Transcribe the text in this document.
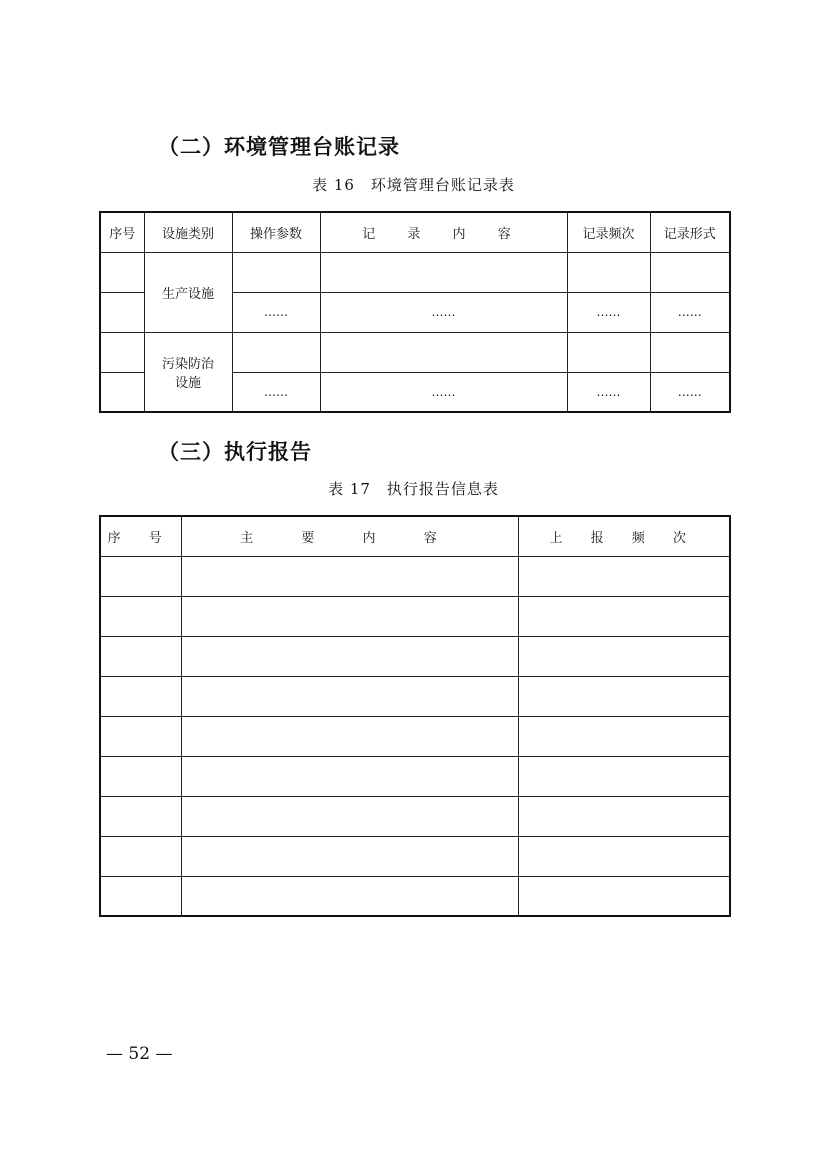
（二）环境管理台账记录

表 16　环境管理台账记录表

序号	设施类别	操作参数	记 录 内 容	记录频次	记录形式
	生产设施				
		……	……	……	……
	污染防治设施				
		……	……	……	……
（三）执行报告

表 17　执行报告信息表

序 号	主 要 内 容	上 报 频 次

— 52 —
